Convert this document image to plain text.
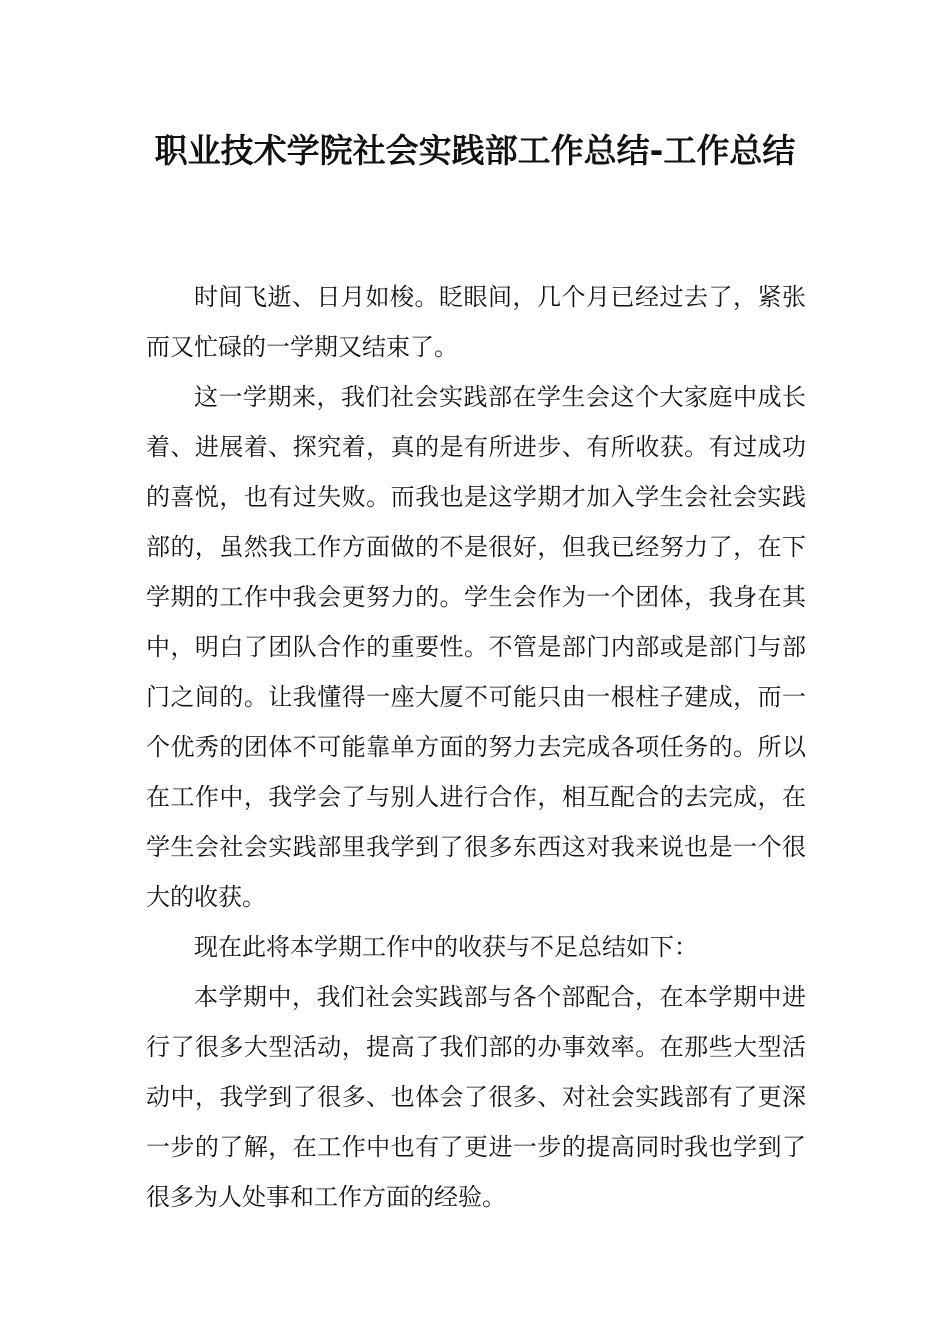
职业技术学院社会实践部工作总结-工作总结

时间飞逝、日月如梭。眨眼间，几个月已经过去了，紧张而又忙碌的一学期又结束了。

这一学期来，我们社会实践部在学生会这个大家庭中成长着、进展着、探究着，真的是有所进步、有所收获。有过成功的喜悦，也有过失败。而我也是这学期才加入学生会社会实践部的，虽然我工作方面做的不是很好，但我已经努力了，在下学期的工作中我会更努力的。学生会作为一个团体，我身在其中，明白了团队合作的重要性。不管是部门内部或是部门与部门之间的。让我懂得一座大厦不可能只由一根柱子建成，而一个优秀的团体不可能靠单方面的努力去完成各项任务的。所以在工作中，我学会了与别人进行合作，相互配合的去完成，在学生会社会实践部里我学到了很多东西这对我来说也是一个很大的收获。

现在此将本学期工作中的收获与不足总结如下：

本学期中，我们社会实践部与各个部配合，在本学期中进行了很多大型活动，提高了我们部的办事效率。在那些大型活动中，我学到了很多、也体会了很多、对社会实践部有了更深一步的了解，在工作中也有了更进一步的提高同时我也学到了很多为人处事和工作方面的经验。
